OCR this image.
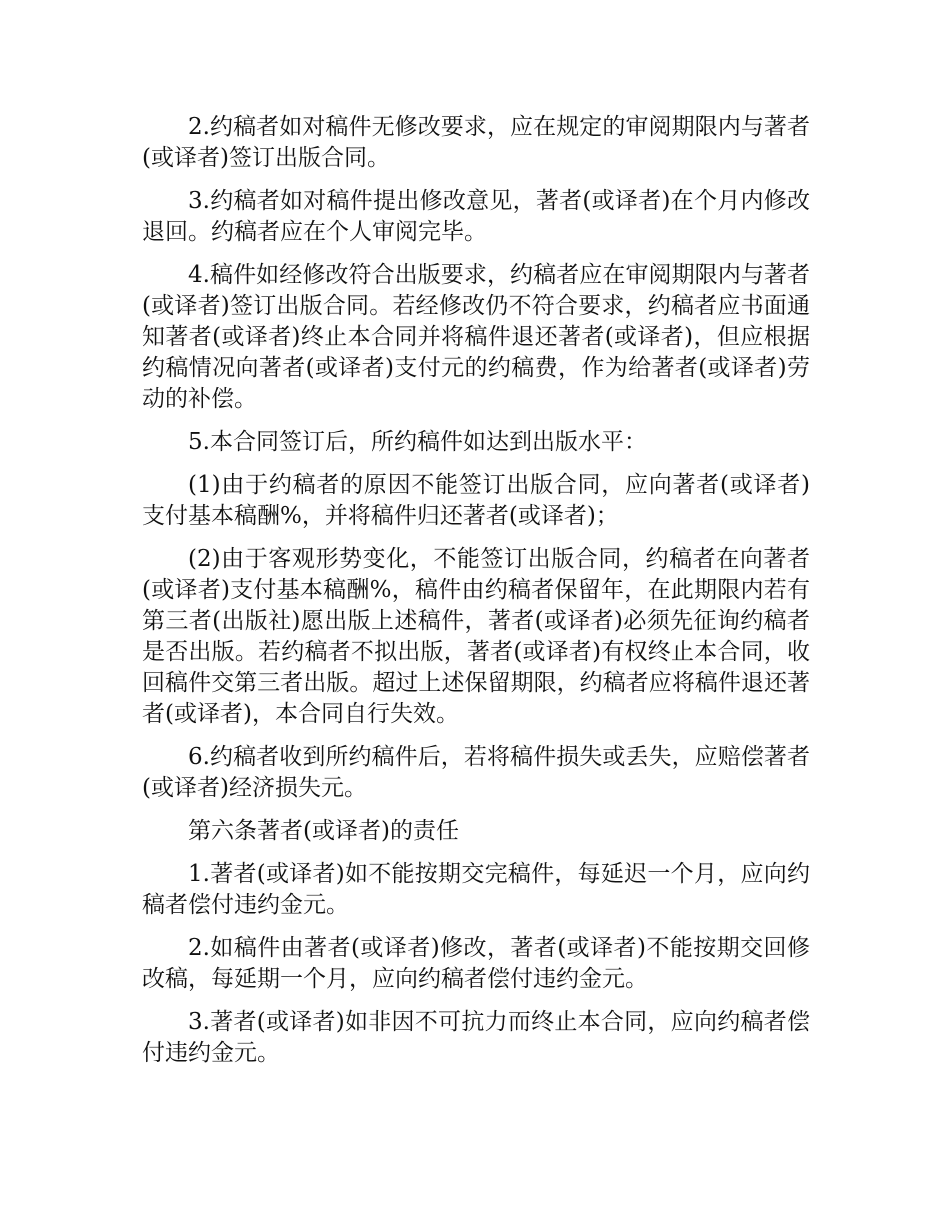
2.约稿者如对稿件无修改要求，应在规定的审阅期限内与著者(或译者)签订出版合同。

3.约稿者如对稿件提出修改意见，著者(或译者)在个月内修改退回。约稿者应在个人审阅完毕。

4.稿件如经修改符合出版要求，约稿者应在审阅期限内与著者(或译者)签订出版合同。若经修改仍不符合要求，约稿者应书面通知著者(或译者)终止本合同并将稿件退还著者(或译者)，但应根据约稿情况向著者(或译者)支付元的约稿费，作为给著者(或译者)劳动的补偿。

5.本合同签订后，所约稿件如达到出版水平：

(1)由于约稿者的原因不能签订出版合同，应向著者(或译者)支付基本稿酬%，并将稿件归还著者(或译者)；

(2)由于客观形势变化，不能签订出版合同，约稿者在向著者(或译者)支付基本稿酬%，稿件由约稿者保留年，在此期限内若有第三者(出版社)愿出版上述稿件，著者(或译者)必须先征询约稿者是否出版。若约稿者不拟出版，著者(或译者)有权终止本合同，收回稿件交第三者出版。超过上述保留期限，约稿者应将稿件退还著者(或译者)，本合同自行失效。

6.约稿者收到所约稿件后，若将稿件损失或丢失，应赔偿著者(或译者)经济损失元。

第六条著者(或译者)的责任

1.著者(或译者)如不能按期交完稿件，每延迟一个月，应向约稿者偿付违约金元。

2.如稿件由著者(或译者)修改，著者(或译者)不能按期交回修改稿，每延期一个月，应向约稿者偿付违约金元。

3.著者(或译者)如非因不可抗力而终止本合同，应向约稿者偿付违约金元。
